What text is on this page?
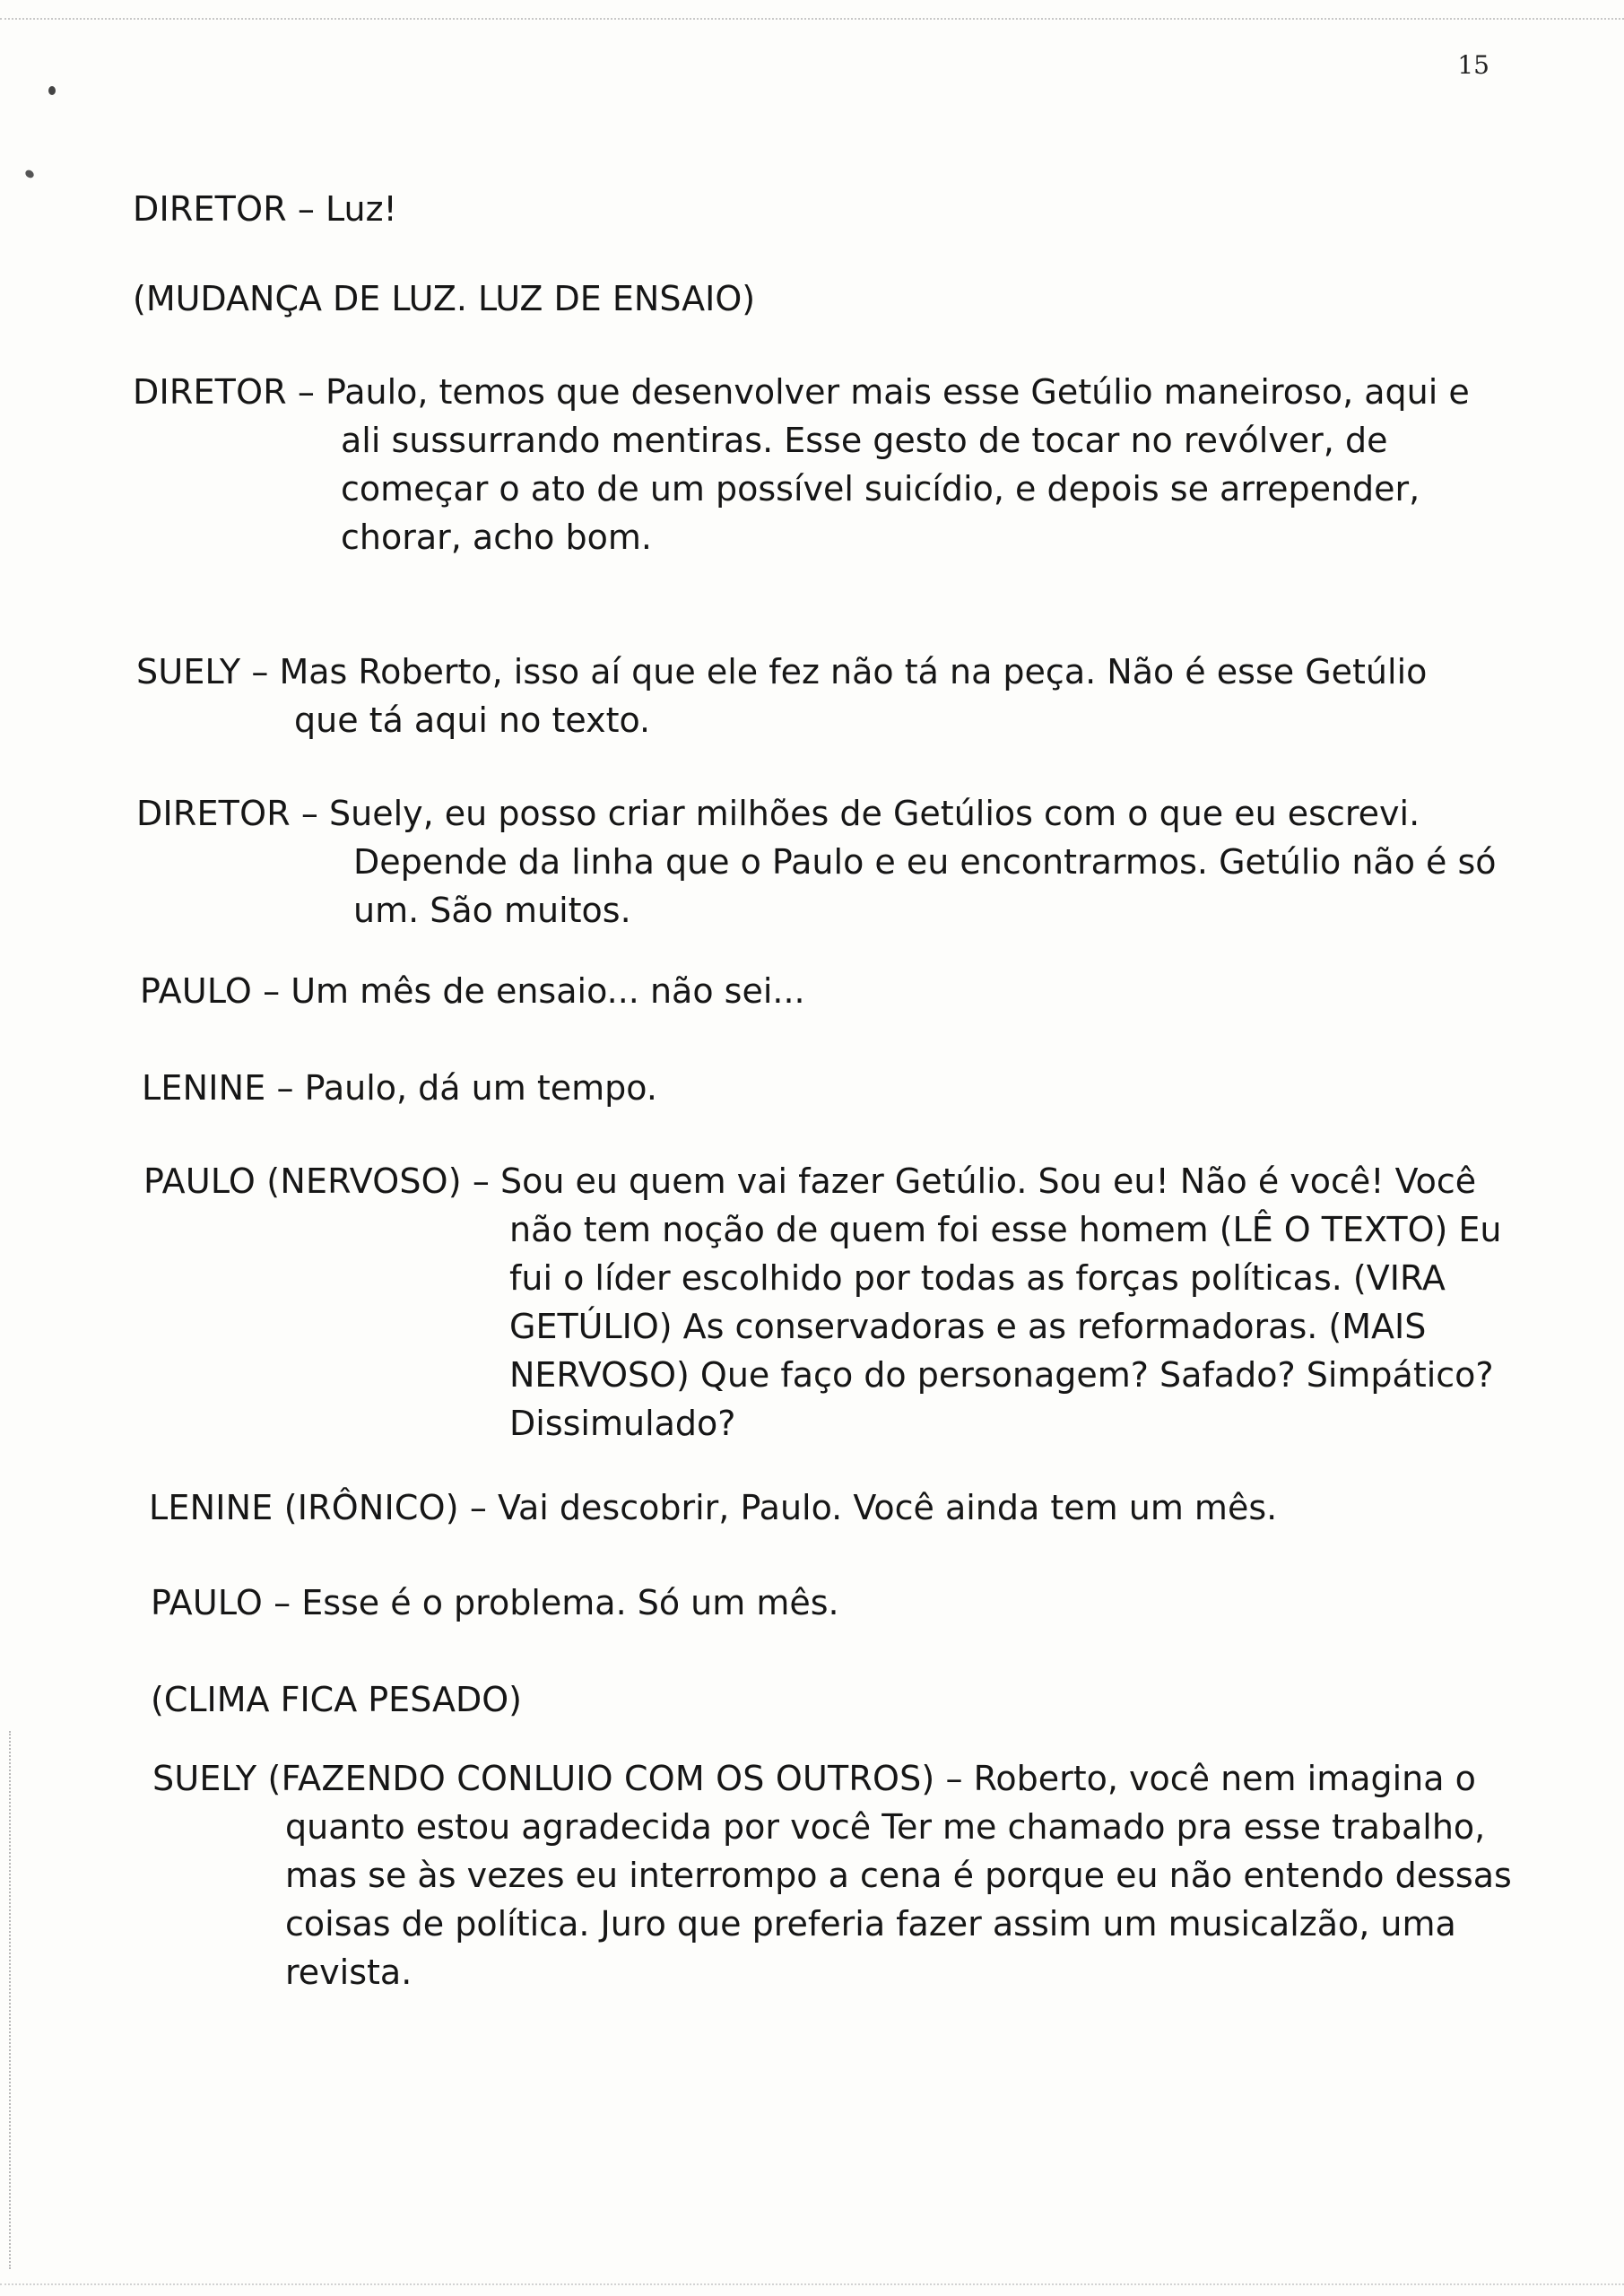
15
DIRETOR – Luz!
(MUDANÇA DE LUZ. LUZ DE ENSAIO)
DIRETOR – Paulo, temos que desenvolver mais esse Getúlio maneiroso, aqui e
ali sussurrando mentiras. Esse gesto de tocar no revólver, de
começar o ato de um possível suicídio, e depois se arrepender,
chorar, acho bom.
SUELY – Mas Roberto, isso aí que ele fez não tá na peça. Não é esse Getúlio
que tá aqui no texto.
DIRETOR – Suely, eu posso criar milhões de Getúlios com o que eu escrevi.
Depende da linha que o Paulo e eu encontrarmos. Getúlio não é só
um. São muitos.
PAULO – Um mês de ensaio... não sei...
LENINE – Paulo, dá um tempo.
PAULO (NERVOSO) – Sou eu quem vai fazer Getúlio. Sou eu! Não é você! Você
não tem noção de quem foi esse homem (LÊ O TEXTO) Eu
fui o líder escolhido por todas as forças políticas. (VIRA
GETÚLIO) As conservadoras e as reformadoras. (MAIS
NERVOSO) Que faço do personagem? Safado? Simpático?
Dissimulado?
LENINE (IRÔNICO) – Vai descobrir, Paulo. Você ainda tem um mês.
PAULO – Esse é o problema. Só um mês.
(CLIMA FICA PESADO)
SUELY (FAZENDO CONLUIO COM OS OUTROS) – Roberto, você nem imagina o
quanto estou agradecida por você Ter me chamado pra esse trabalho,
mas se às vezes eu interrompo a cena é porque eu não entendo dessas
coisas de política. Juro que preferia fazer assim um musicalzão, uma
revista.
